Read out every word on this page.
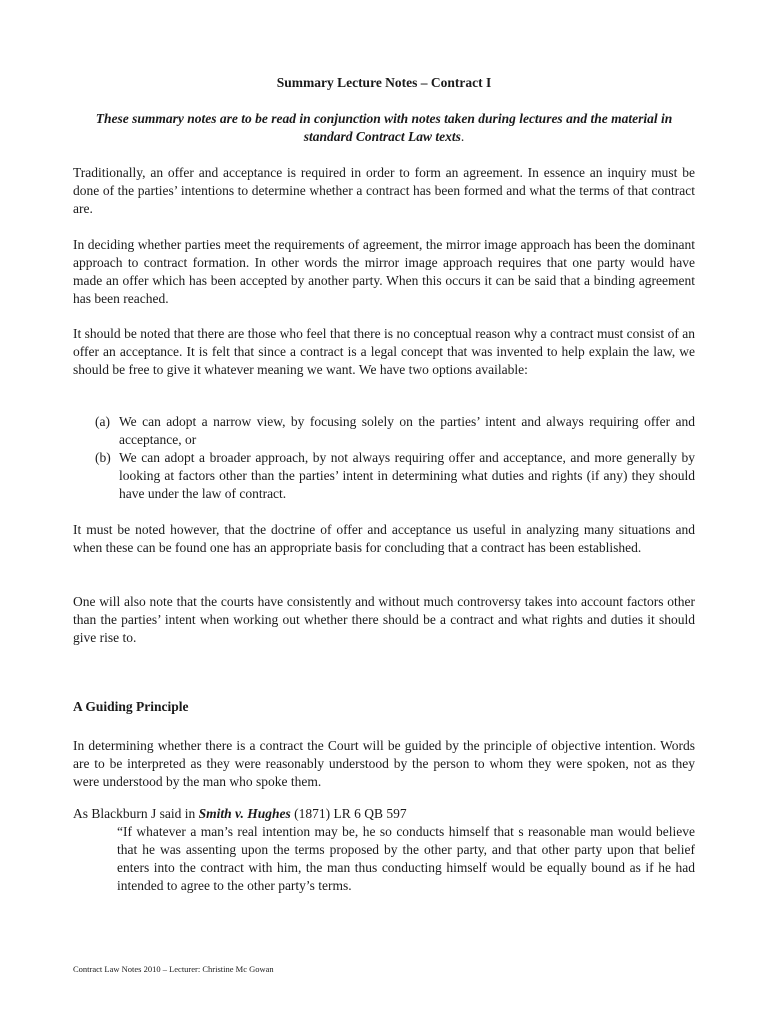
Summary Lecture Notes – Contract I
These summary notes are to be read in conjunction with notes taken during lectures and the material in standard Contract Law texts.

Traditionally, an offer and acceptance is required in order to form an agreement. In essence an inquiry must be done of the parties’ intentions to determine whether a contract has been formed and what the terms of that contract are.

In deciding whether parties meet the requirements of agreement, the mirror image approach has been the dominant approach to contract formation. In other words the mirror image approach requires that one party would have made an offer which has been accepted by another party. When this occurs it can be said that a binding agreement has been reached.

It should be noted that there are those who feel that there is no conceptual reason why a contract must consist of an offer an acceptance. It is felt that since a contract is a legal concept that was invented to help explain the law, we should be free to give it whatever meaning we want. We have two options available:

(a) We can adopt a narrow view, by focusing solely on the parties’ intent and always requiring offer and acceptance, or
(b) We can adopt a broader approach, by not always requiring offer and acceptance, and more generally by looking at factors other than the parties’ intent in determining what duties and rights (if any) they should have under the law of contract.

It must be noted however, that the doctrine of offer and acceptance us useful in analyzing many situations and when these can be found one has an appropriate basis for concluding that a contract has been established.

One will also note that the courts have consistently and without much controversy takes into account factors other than the parties’ intent when working out whether there should be a contract and what rights and duties it should give rise to.

A Guiding Principle

In determining whether there is a contract the Court will be guided by the principle of objective intention. Words are to be interpreted as they were reasonably understood by the person to whom they were spoken, not as they were understood by the man who spoke them.

As Blackburn J said in Smith v. Hughes (1871) LR 6 QB 597

“If whatever a man’s real intention may be, he so conducts himself that s reasonable man would believe that he was assenting upon the terms proposed by the other party, and that other party upon that belief enters into the contract with him, the man thus conducting himself would be equally bound as if he had intended to agree to the other party’s terms.

Contract Law Notes 2010 – Lecturer: Christine Mc Gowan
